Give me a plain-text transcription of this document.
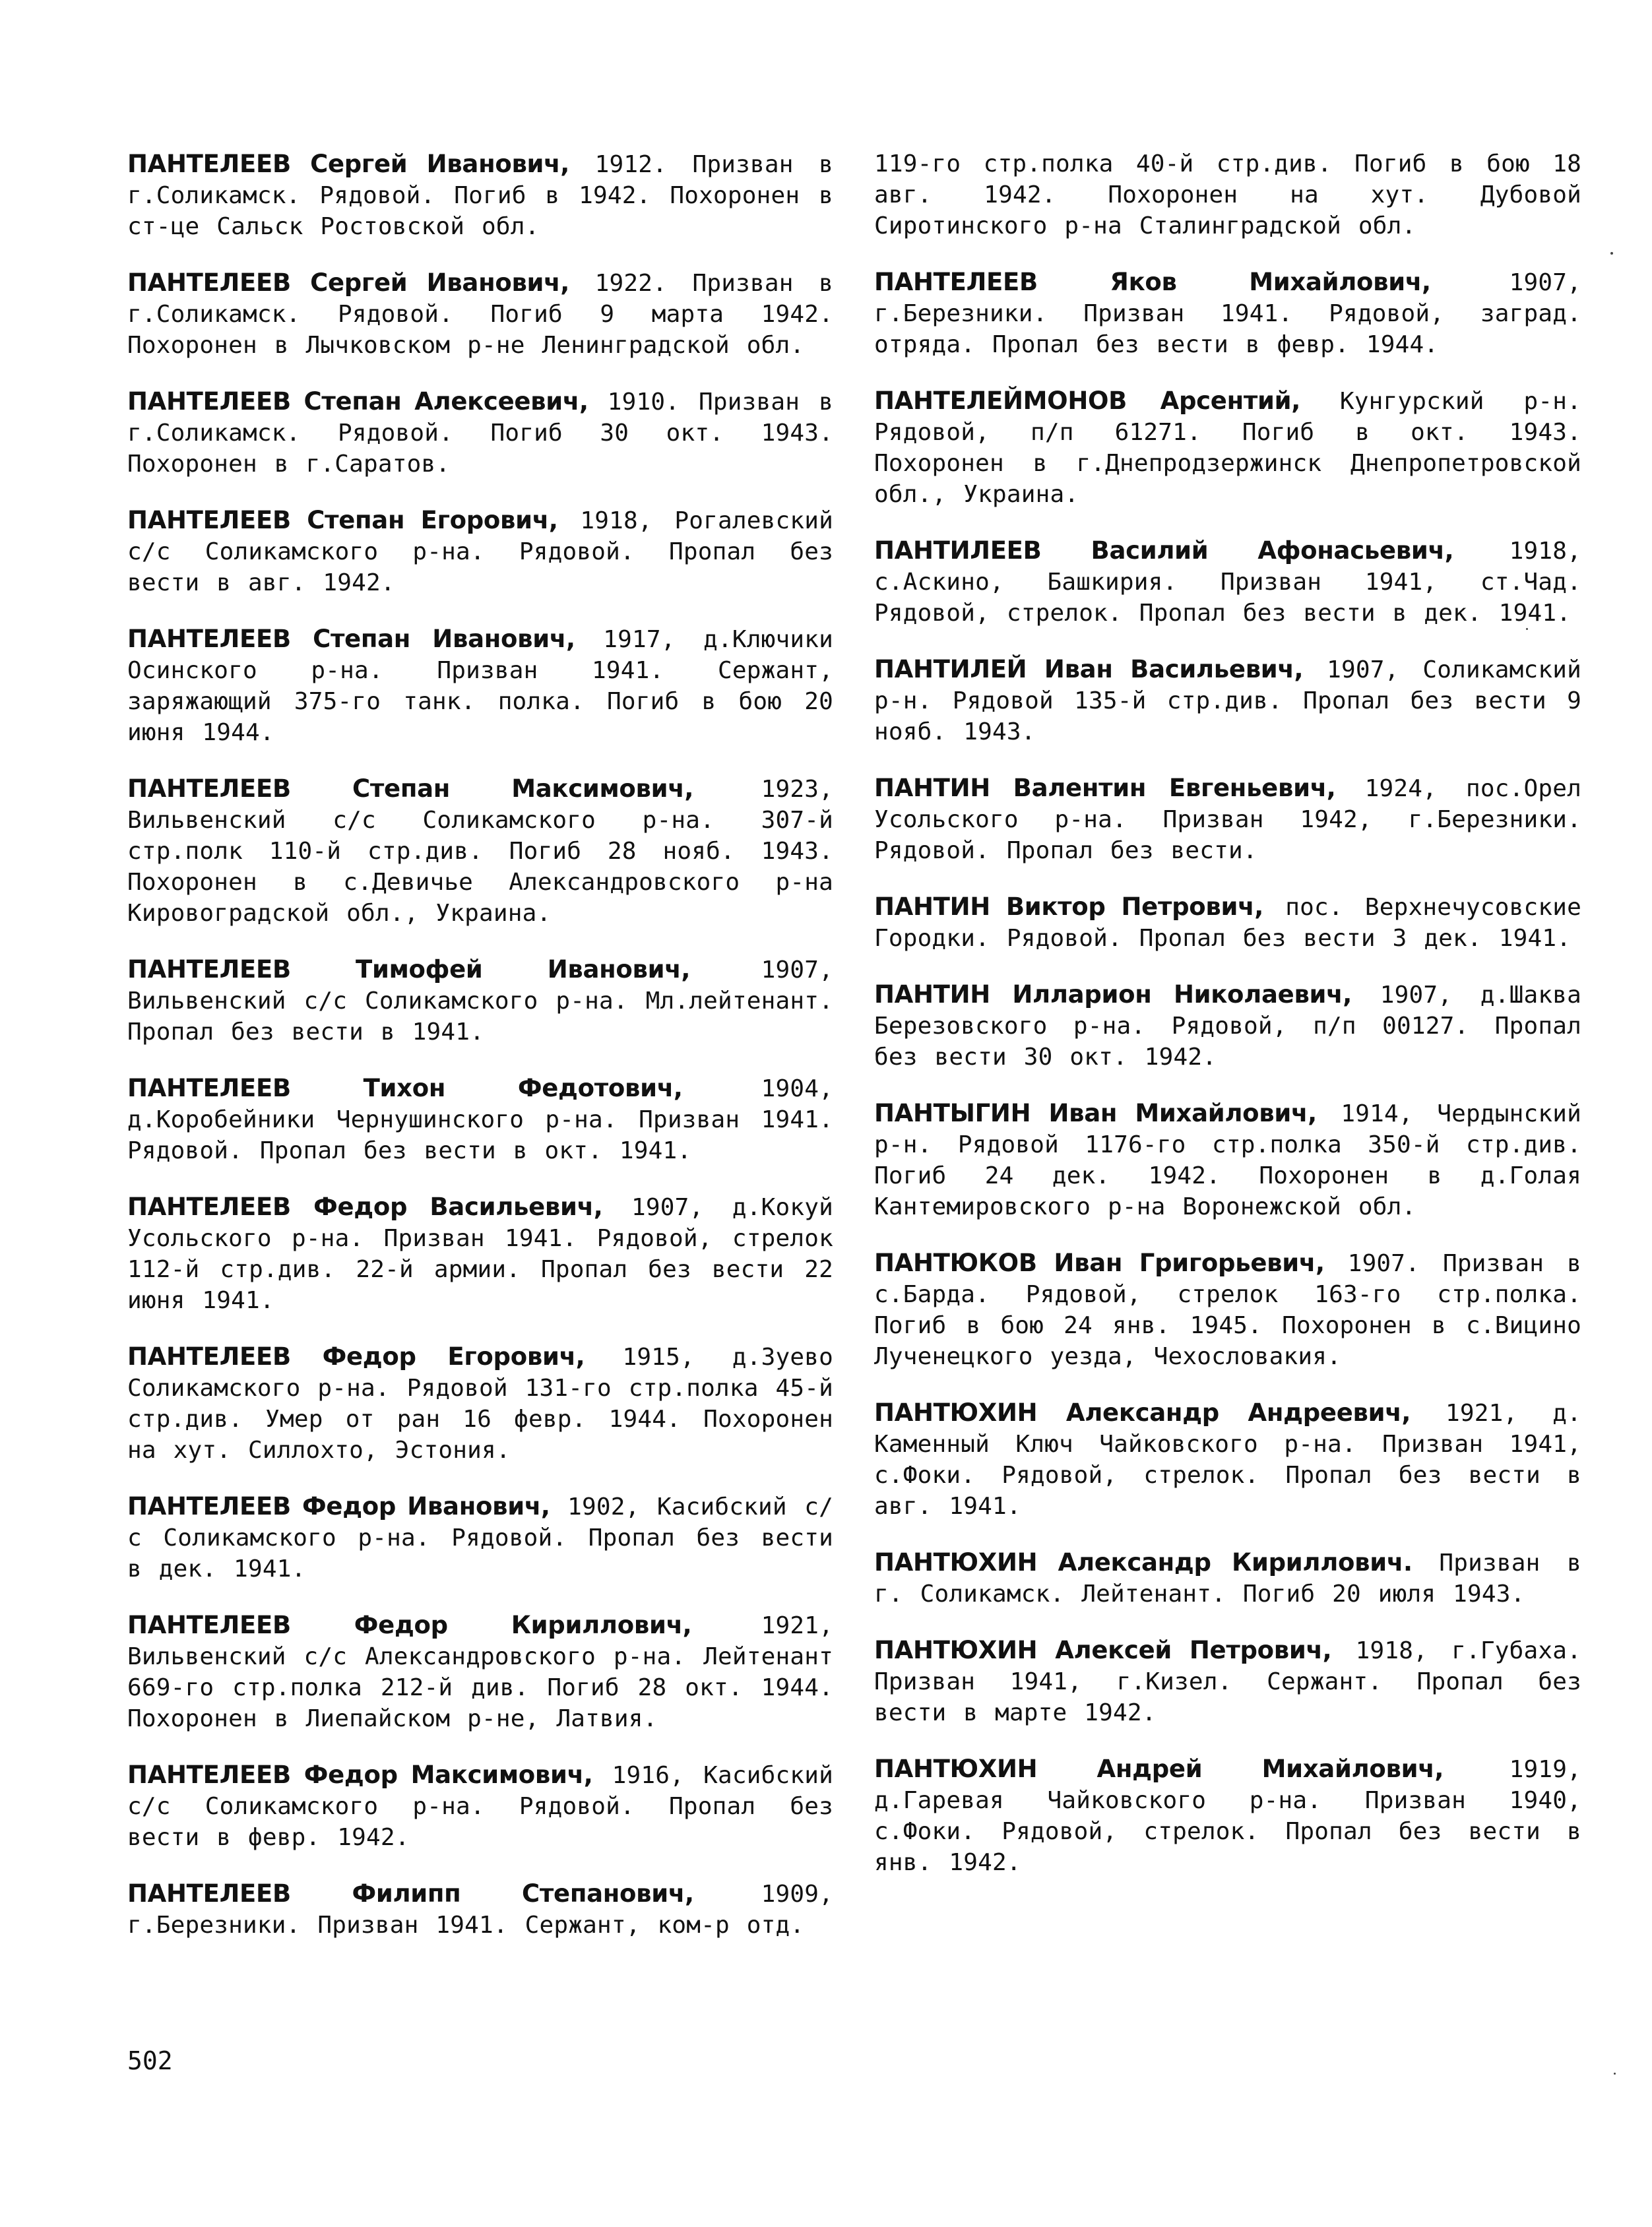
ПАНТЕЛЕЕВ Сергей Иванович, 1912. Призван в г.Соликамск. Рядовой. Погиб в 1942. Похоронен в ст-це Сальск Ростовской обл.

ПАНТЕЛЕЕВ Сергей Иванович, 1922. Призван в г.Соликамск. Рядовой. Погиб 9 марта 1942. Похоронен в Лычковском р-не Ленинградской обл.

ПАНТЕЛЕЕВ Степан Алексеевич, 1910. Призван в г.Соликамск. Рядовой. Погиб 30 окт. 1943. Похоронен в г.Саратов.

ПАНТЕЛЕЕВ Степан Егорович, 1918, Рогалевский с/с Соликамского р-на. Рядовой. Пропал без вести в авг. 1942.

ПАНТЕЛЕЕВ Степан Иванович, 1917, д.Ключики Осинского р-на. Призван 1941. Сержант, заряжающий 375-го танк. полка. Погиб в бою 20 июня 1944.

ПАНТЕЛЕЕВ Степан Максимович, 1923, Вильвенский с/с Соликамского р-на. 307-й стр.полк 110-й стр.див. Погиб 28 нояб. 1943. Похоронен в с.Девичье Александровского р-на Кировоградской обл., Украина.

ПАНТЕЛЕЕВ Тимофей Иванович, 1907, Вильвенский с/с Соликамского р-на. Мл.лейтенант. Пропал без вести в 1941.

ПАНТЕЛЕЕВ Тихон Федотович, 1904, д.Коробейники Чернушинского р-на. Призван 1941. Рядовой. Пропал без вести в окт. 1941.

ПАНТЕЛЕЕВ Федор Васильевич, 1907, д.Кокуй Усольского р-на. Призван 1941. Рядовой, стрелок 112-й стр.див. 22-й армии. Пропал без вести 22 июня 1941.

ПАНТЕЛЕЕВ Федор Егорович, 1915, д.Зуево Соликамского р-на. Рядовой 131-го стр.полка 45-й стр.див. Умер от ран 16 февр. 1944. Похоронен на хут. Силлохто, Эстония.

ПАНТЕЛЕЕВ Федор Иванович, 1902, Касибский с/с Соликамского р-на. Рядовой. Пропал без вести в дек. 1941.

ПАНТЕЛЕЕВ Федор Кириллович, 1921, Вильвенский с/с Александровского р-на. Лейтенант 669-го стр.полка 212-й див. Погиб 28 окт. 1944. Похоронен в Лиепайском р-не, Латвия.

ПАНТЕЛЕЕВ Федор Максимович, 1916, Касибский с/с Соликамского р-на. Рядовой. Пропал без вести в февр. 1942.

ПАНТЕЛЕЕВ Филипп Степанович, 1909, г.Березники. Призван 1941. Сержант, ком-р отд.

119-го стр.полка 40-й стр.див. Погиб в бою 18 авг. 1942. Похоронен на хут. Дубовой Сиротинского р-на Сталинградской обл.

ПАНТЕЛЕЕВ Яков Михайлович, 1907, г.Березники. Призван 1941. Рядовой, заград. отряда. Пропал без вести в февр. 1944.

ПАНТЕЛЕЙМОНОВ Арсентий, Кунгурский р-н. Рядовой, п/п 61271. Погиб в окт. 1943. Похоронен в г.Днепродзержинск Днепропетровской обл., Украина.

ПАНТИЛЕЕВ Василий Афонасьевич, 1918, с.Аскино, Башкирия. Призван 1941, ст.Чад. Рядовой, стрелок. Пропал без вести в дек. 1941.

ПАНТИЛЕЙ Иван Васильевич, 1907, Соликамский р-н. Рядовой 135-й стр.див. Пропал без вести 9 нояб. 1943.

ПАНТИН Валентин Евгеньевич, 1924, пос.Орел Усольского р-на. Призван 1942, г.Березники. Рядовой. Пропал без вести.

ПАНТИН Виктор Петрович, пос. Верхнечусовские Городки. Рядовой. Пропал без вести 3 дек. 1941.

ПАНТИН Илларион Николаевич, 1907, д.Шаква Березовского р-на. Рядовой, п/п 00127. Пропал без вести 30 окт. 1942.

ПАНТЫГИН Иван Михайлович, 1914, Чердынский р-н. Рядовой 1176-го стр.полка 350-й стр.див. Погиб 24 дек. 1942. Похоронен в д.Голая Кантемировского р-на Воронежской обл.

ПАНТЮКОВ Иван Григорьевич, 1907. Призван в с.Барда. Рядовой, стрелок 163-го стр.полка. Погиб в бою 24 янв. 1945. Похоронен в с.Вицино Лученецкого уезда, Чехословакия.

ПАНТЮХИН Александр Андреевич, 1921, д. Каменный Ключ Чайковского р-на. Призван 1941, с.Фоки. Рядовой, стрелок. Пропал без вести в авг. 1941.

ПАНТЮХИН Александр Кириллович. Призван в г. Соликамск. Лейтенант. Погиб 20 июля 1943.

ПАНТЮХИН Алексей Петрович, 1918, г.Губаха. Призван 1941, г.Кизел. Сержант. Пропал без вести в марте 1942.

ПАНТЮХИН Андрей Михайлович, 1919, д.Гаревая Чайковского р-на. Призван 1940, с.Фоки. Рядовой, стрелок. Пропал без вести в янв. 1942.

502
